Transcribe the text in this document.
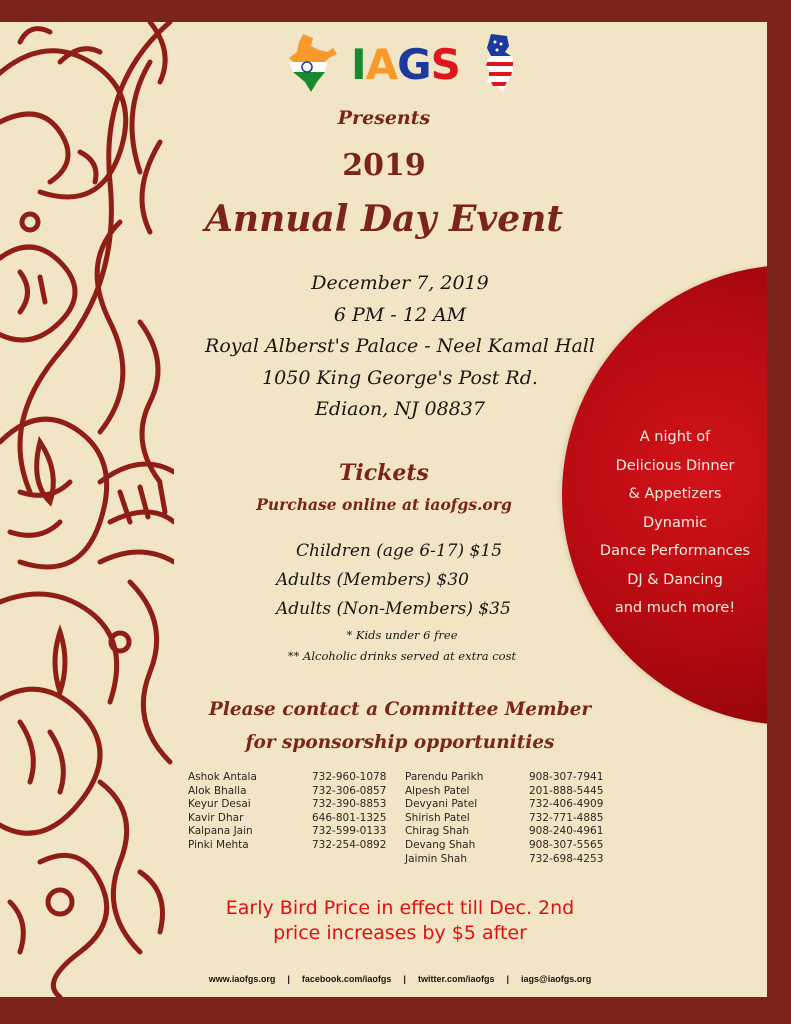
A night of
Delicious Dinner
& Appetizers
Dynamic
Dance Performances
DJ & Dancing
and much more!
IAGS
Presents
2019
Annual Day Event
December 7, 2019
6 PM - 12 AM
Royal Alberst's Palace - Neel Kamal Hall
1050 King George's Post Rd.
Ediaon, NJ 08837
Tickets
Purchase online at iaofgs.org
Children (age 6-17) $15
Adults (Members) $30
Adults (Non-Members) $35
* Kids under 6 free
** Alcoholic drinks served at extra cost
Please contact a Committee Member
for sponsorship opportunities
Ashok Antala	732-960-1078
Alok Bhalla	732-306-0857
Keyur Desai	732-390-8853
Kavir Dhar	646-801-1325
Kalpana Jain	732-599-0133
Pinki Mehta	732-254-0892
Parendu Parikh	908-307-7941
Alpesh Patel	201-888-5445
Devyani Patel	732-406-4909
Shirish Patel	732-771-4885
Chirag Shah	908-240-4961
Devang Shah	908-307-5565
Jaimin Shah	732-698-4253
Early Bird Price in effect till Dec. 2nd
price increases by $5 after
www.iaofgs.org | facebook.com/iaofgs | twitter.com/iaofgs | iags@iaofgs.org
